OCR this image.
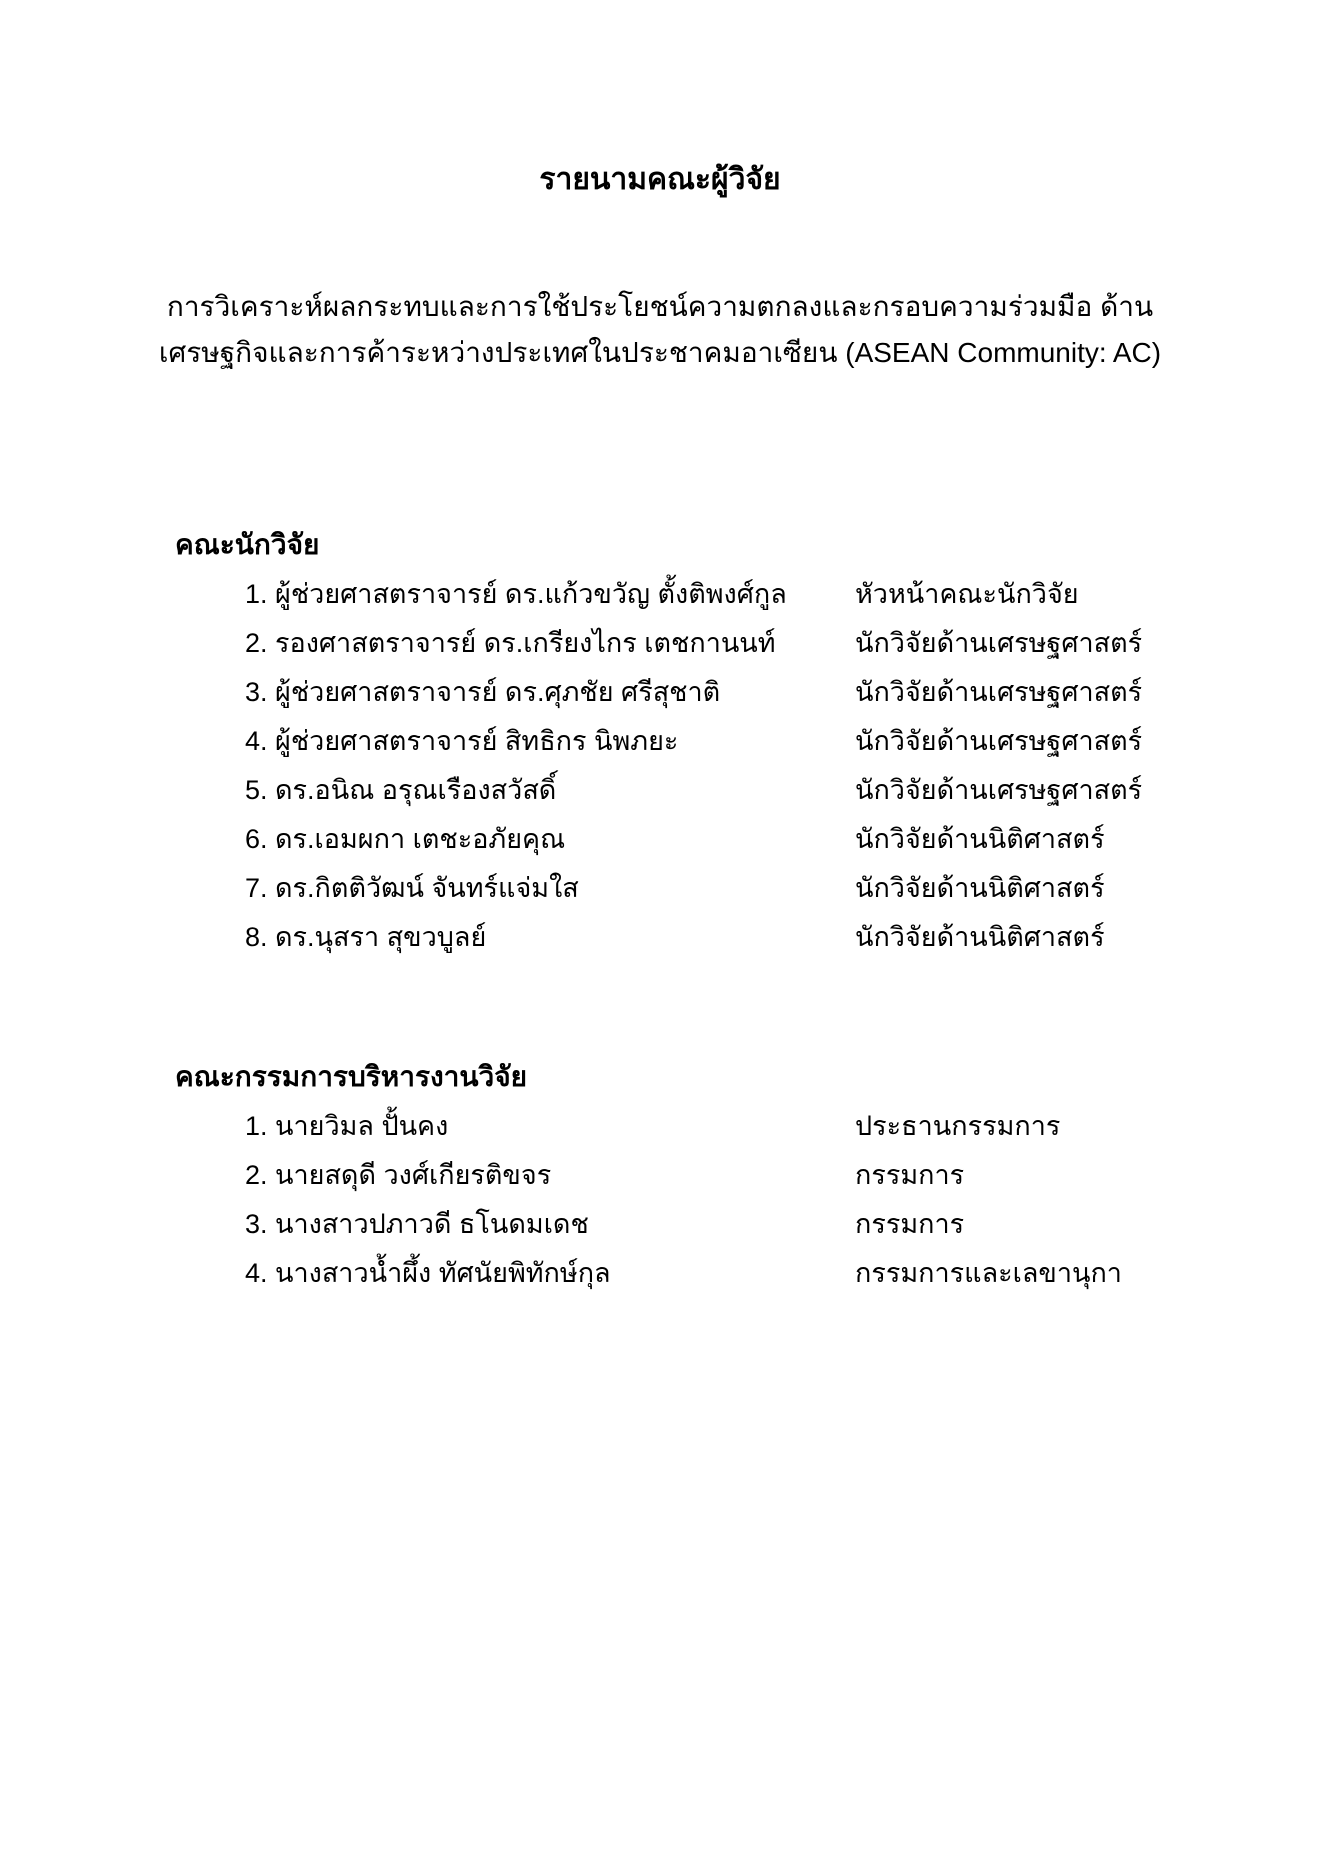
รายนามคณะผู้วิจัย
การวิเคราะห์ผลกระทบและการใช้ประโยชน์ความตกลงและกรอบความร่วมมือ ด้าน
เศรษฐกิจและการค้าระหว่างประเทศในประชาคมอาเซียน (ASEAN Community: AC)
คณะนักวิจัย
1. ผู้ช่วยศาสตราจารย์ ดร.แก้วขวัญ ตั้งติพงศ์กูล	หัวหน้าคณะนักวิจัย
2. รองศาสตราจารย์ ดร.เกรียงไกร เตชกานนท์	นักวิจัยด้านเศรษฐศาสตร์
3. ผู้ช่วยศาสตราจารย์ ดร.ศุภชัย ศรีสุชาติ	นักวิจัยด้านเศรษฐศาสตร์
4. ผู้ช่วยศาสตราจารย์ สิทธิกร นิพภยะ	นักวิจัยด้านเศรษฐศาสตร์
5. ดร.อนิณ อรุณเรืองสวัสดิ์	นักวิจัยด้านเศรษฐศาสตร์
6. ดร.เอมผกา เตชะอภัยคุณ	นักวิจัยด้านนิติศาสตร์
7. ดร.กิตติวัฒน์ จันทร์แจ่มใส	นักวิจัยด้านนิติศาสตร์
8. ดร.นุสรา สุขวบูลย์	นักวิจัยด้านนิติศาสตร์
คณะกรรมการบริหารงานวิจัย
1. นายวิมล ปั้นคง	ประธานกรรมการ
2. นายสดุดี วงศ์เกียรติขจร	กรรมการ
3. นางสาวปภาวดี ธโนดมเดช	กรรมการ
4. นางสาวน้ำผึ้ง ทัศนัยพิทักษ์กุล	กรรมการและเลขานุกา
